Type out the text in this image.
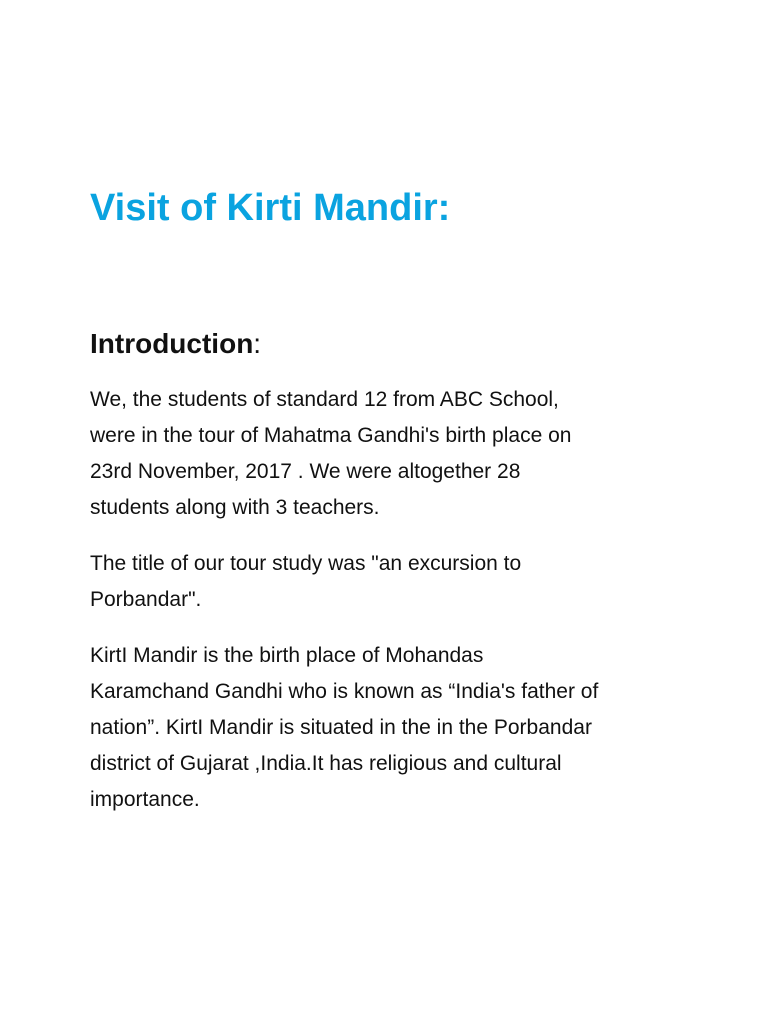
Visit of Kirti Mandir:
Introduction:

We, the students of standard 12 from ABC School,
were in the tour of Mahatma Gandhi's birth place on
23rd November, 2017 . We were altogether 28
students along with 3 teachers.

The title of our tour study was "an excursion to
Porbandar".

KirtI Mandir is the birth place of Mohandas
Karamchand Gandhi who is known as “India's father of
nation”. KirtI Mandir is situated in the in the Porbandar
district of Gujarat ,India.It has religious and cultural
importance.
